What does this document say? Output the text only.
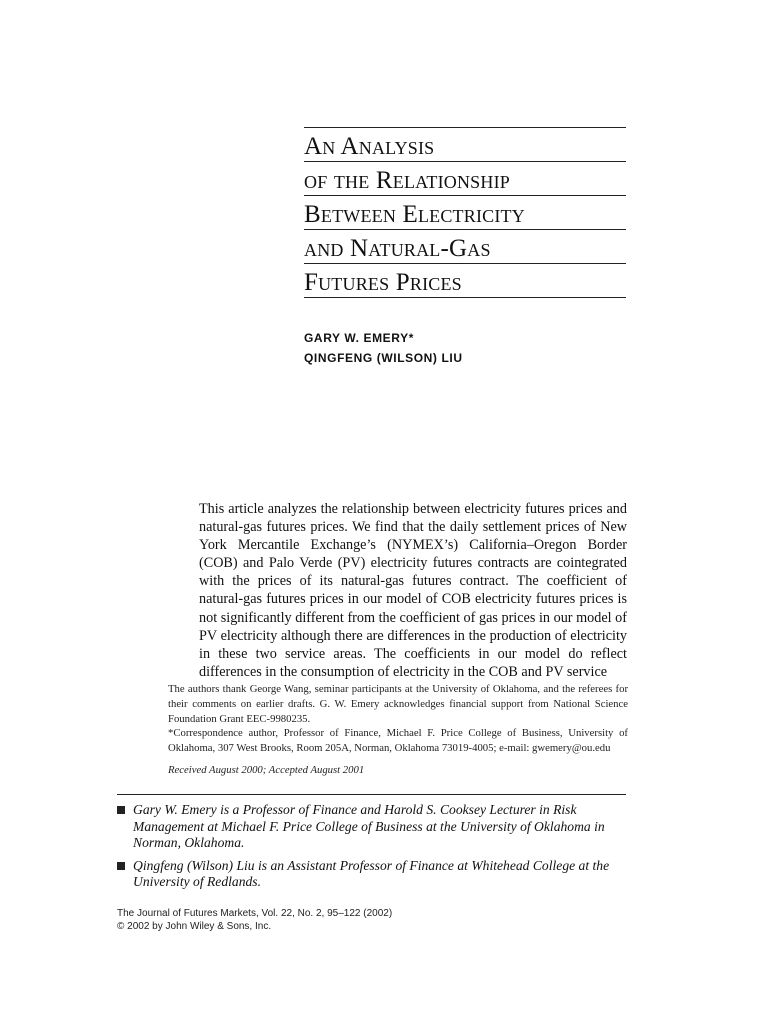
An Analysis
of the Relationship
Between Electricity
and Natural-Gas
Futures Prices
GARY W. EMERY*
QINGFENG (WILSON) LIU
This article analyzes the relationship between electricity futures prices and natural-gas futures prices. We find that the daily settlement prices of New York Mercantile Exchange’s (NYMEX’s) California–Oregon Border (COB) and Palo Verde (PV) electricity futures contracts are cointegrated with the prices of its natural-gas futures contract. The coefficient of natural-gas futures prices in our model of COB electricity futures prices is not significantly different from the coefficient of gas prices in our model of PV electricity although there are differences in the production of electricity in these two service areas. The coefficients in our model do reflect differences in the consumption of electricity in the COB and PV service

The authors thank George Wang, seminar participants at the University of Oklahoma, and the referees for their comments on earlier drafts. G. W. Emery acknowledges financial support from National Science Foundation Grant EEC-9980235.

*Correspondence author, Professor of Finance, Michael F. Price College of Business, University of Oklahoma, 307 West Brooks, Room 205A, Norman, Oklahoma 73019-4005; e-mail: gwemery@ou.edu

Received August 2000; Accepted August 2001
Gary W. Emery is a Professor of Finance and Harold S. Cooksey Lecturer in Risk Management at Michael F. Price College of Business at the University of Oklahoma in Norman, Oklahoma.
Qingfeng (Wilson) Liu is an Assistant Professor of Finance at Whitehead College at the University of Redlands.
The Journal of Futures Markets, Vol. 22, No. 2, 95–122 (2002)
© 2002 by John Wiley & Sons, Inc.
